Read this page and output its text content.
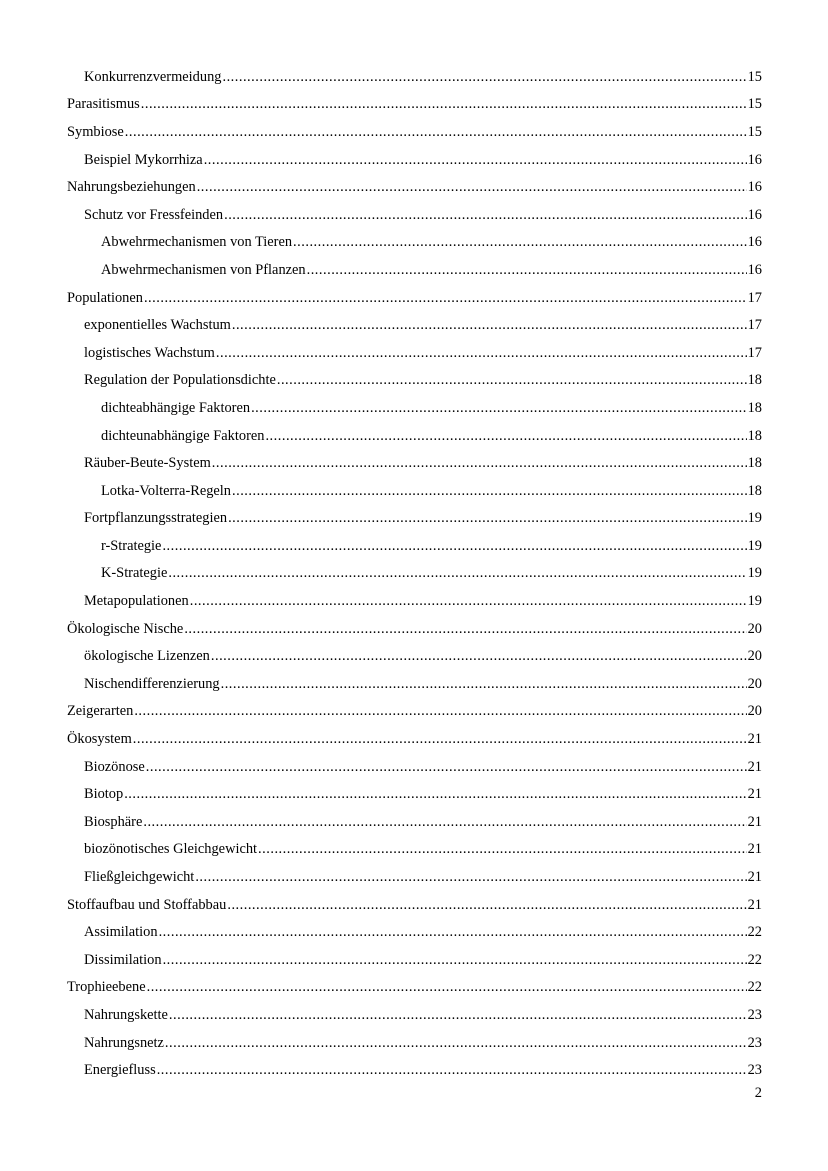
Konkurrenzvermeidung .....	15
Parasitismus .....	15
Symbiose .....	15
Beispiel Mykorrhiza .....	16
Nahrungsbeziehungen .....	16
Schutz vor Fressfeinden .....	16
Abwehrmechanismen von Tieren .....	16
Abwehrmechanismen von Pflanzen .....	16
Populationen .....	17
exponentielles Wachstum .....	17
logistisches Wachstum .....	17
Regulation der Populationsdichte .....	18
dichteabhängige Faktoren .....	18
dichteunabhängige Faktoren .....	18
Räuber-Beute-System .....	18
Lotka-Volterra-Regeln .....	18
Fortpflanzungsstrategien .....	19
r-Strategie .....	19
K-Strategie .....	19
Metapopulationen .....	19
Ökologische Nische .....	20
ökologische Lizenzen .....	20
Nischendifferenzierung .....	20
Zeigerarten .....	20
Ökosystem .....	21
Biozönose .....	21
Biotop .....	21
Biosphäre .....	21
biozönotisches Gleichgewicht .....	21
Fließgleichgewicht .....	21
Stoffaufbau und Stoffabbau .....	21
Assimilation .....	22
Dissimilation .....	22
Trophieebene .....	22
Nahrungskette .....	23
Nahrungsnetz .....	23
Energiefluss .....	23
2
